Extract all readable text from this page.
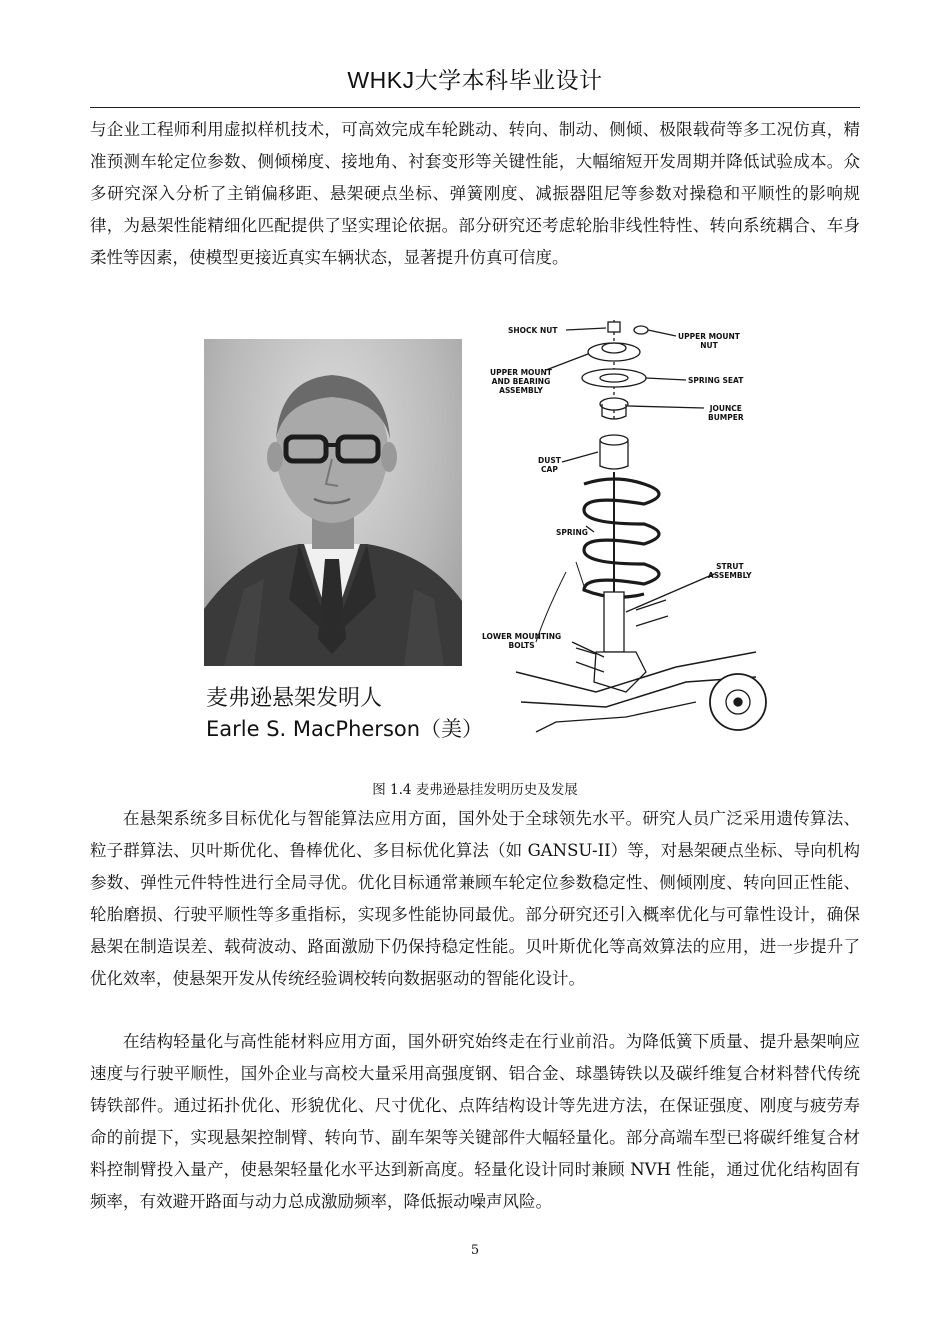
WHKJ大学本科毕业设计

与企业工程师利用虚拟样机技术，可高效完成车轮跳动、转向、制动、侧倾、极限载荷等多工况仿真，精准预测车轮定位参数、侧倾梯度、接地角、衬套变形等关键性能，大幅缩短开发周期并降低试验成本。众多研究深入分析了主销偏移距、悬架硬点坐标、弹簧刚度、减振器阻尼等参数对操稳和平顺性的影响规律，为悬架性能精细化匹配提供了坚实理论依据。部分研究还考虑轮胎非线性特性、转向系统耦合、车身柔性等因素，使模型更接近真实车辆状态，显著提升仿真可信度。

麦弗逊悬架发明人
Earle S. MacPherson（美）
SHOCK NUT
UPPER MOUNT
NUT
UPPER MOUNT
AND BEARING
ASSEMBLY
SPRING SEAT
JOUNCE
BUMPER
DUST
CAP
SPRING
STRUT
ASSEMBLY
LOWER MOUNTING
BOLTS
图 1.4 麦弗逊悬挂发明历史及发展

在悬架系统多目标优化与智能算法应用方面，国外处于全球领先水平。研究人员广泛采用遗传算法、粒子群算法、贝叶斯优化、鲁棒优化、多目标优化算法（如 GANSU-II）等，对悬架硬点坐标、导向机构参数、弹性元件特性进行全局寻优。优化目标通常兼顾车轮定位参数稳定性、侧倾刚度、转向回正性能、轮胎磨损、行驶平顺性等多重指标，实现多性能协同最优。部分研究还引入概率优化与可靠性设计，确保悬架在制造误差、载荷波动、路面激励下仍保持稳定性能。贝叶斯优化等高效算法的应用，进一步提升了优化效率，使悬架开发从传统经验调校转向数据驱动的智能化设计。

在结构轻量化与高性能材料应用方面，国外研究始终走在行业前沿。为降低簧下质量、提升悬架响应速度与行驶平顺性，国外企业与高校大量采用高强度钢、铝合金、球墨铸铁以及碳纤维复合材料替代传统铸铁部件。通过拓扑优化、形貌优化、尺寸优化、点阵结构设计等先进方法，在保证强度、刚度与疲劳寿命的前提下，实现悬架控制臂、转向节、副车架等关键部件大幅轻量化。部分高端车型已将碳纤维复合材料控制臂投入量产，使悬架轻量化水平达到新高度。轻量化设计同时兼顾 NVH 性能，通过优化结构固有频率，有效避开路面与动力总成激励频率，降低振动噪声风险。

5
